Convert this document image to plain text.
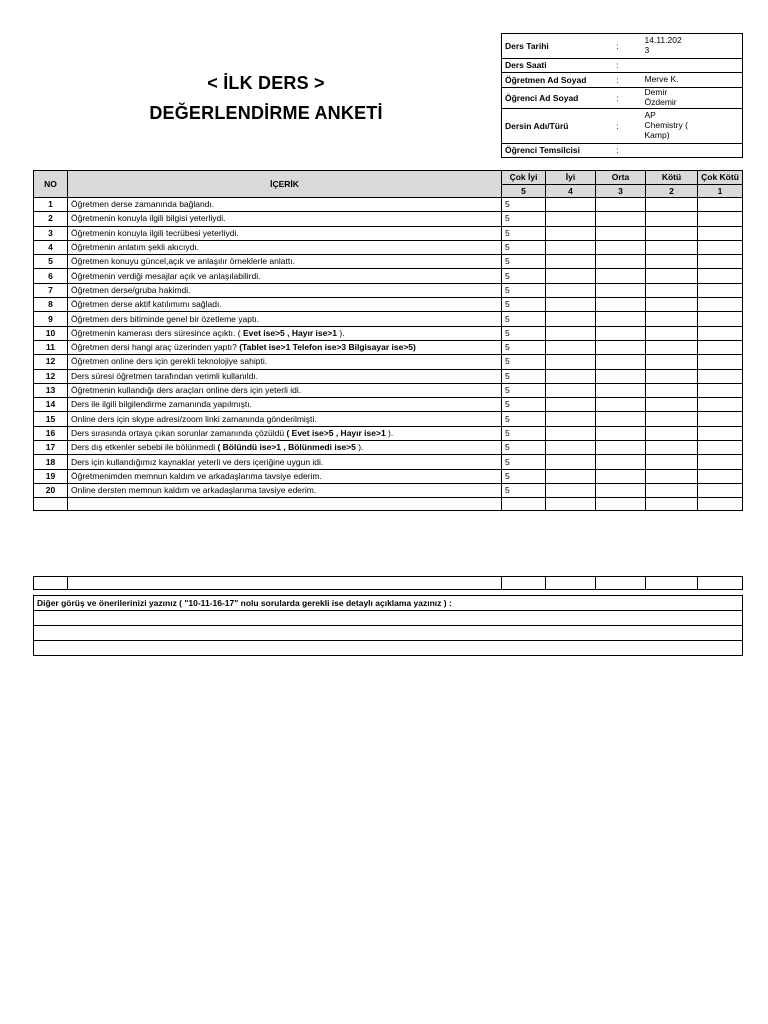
< İLK DERS >
DEĞERLENDİRME ANKETİ
Ders Tarihi	:	14.11.202
3
Ders Saati	:	
Öğretmen Ad Soyad	:	Merve K.
Öğrenci Ad Soyad	:	Demir
Özdemir
Dersin Adı/Türü	:	AP
Chemistry (
Kamp)
Öğrenci Temsilcisi	:	
NO	İÇERİK	Çok İyi	İyi	Orta	Kötü	Çok Kötü
		5	4	3	2	1
1	Öğretmen derse zamanında bağlandı.	5				
2	Öğretmenin konuyla ilgili bilgisi yeterliydi.	5				
3	Öğretmenin konuyla ilgili tecrübesi yeterliydi.	5				
4	Öğretmenin anlatım şekli akıcıydı.	5				
5	Öğretmen konuyu güncel,açık ve anlaşılır örneklerle anlattı.	5				
6	Öğretmenin verdiği mesajlar açık ve anlaşılabilirdi.	5				
7	Öğretmen derse/gruba hakimdi.	5				
8	Öğretmen derse aktif katılımımı sağladı.	5				
9	Öğretmen ders bitiminde genel bir özetleme yaptı.	5				
10	Öğretmenin kamerası ders süresince açıktı. ( Evet ise>5 , Hayır ise>1 ).	5				
11	Öğretmen dersi hangi araç üzerinden yaptı? (Tablet ise>1 Telefon ise>3 Bilgisayar ise>5)	5				
12	Öğretmen online ders için gerekli teknolojiye sahipti.	5				
12	Ders süresi öğretmen tarafından verimli kullanıldı.	5				
13	Öğretmenin kullandığı ders araçları online ders için yeterli idi.	5				
14	Ders ile ilgili bilgilendirme zamanında yapılmıştı.	5				
15	Online ders için skype adresi/zoom linki zamanında gönderilmişti.	5				
16	Ders sırasında ortaya çıkan sorunlar zamanında çözüldü ( Evet ise>5 , Hayır ise>1 ).	5				
17	Ders dış etkenler sebebi ile bölünmedi ( Bölündü ise>1 , Bölünmedi ise>5 ).	5				
18	Ders için kullandığımız kaynaklar yeterli ve ders içeriğine uygun idi.	5				
19	Öğretmenimden memnun kaldım ve arkadaşlarıma tavsiye ederim.	5				
20	Online dersten memnun kaldım ve arkadaşlarıma tavsiye ederim.	5				

Diğer görüş ve önerilerinizi yazınız ( "10-11-16-17" nolu sorularda gerekli ise detaylı açıklama yazınız ) :
